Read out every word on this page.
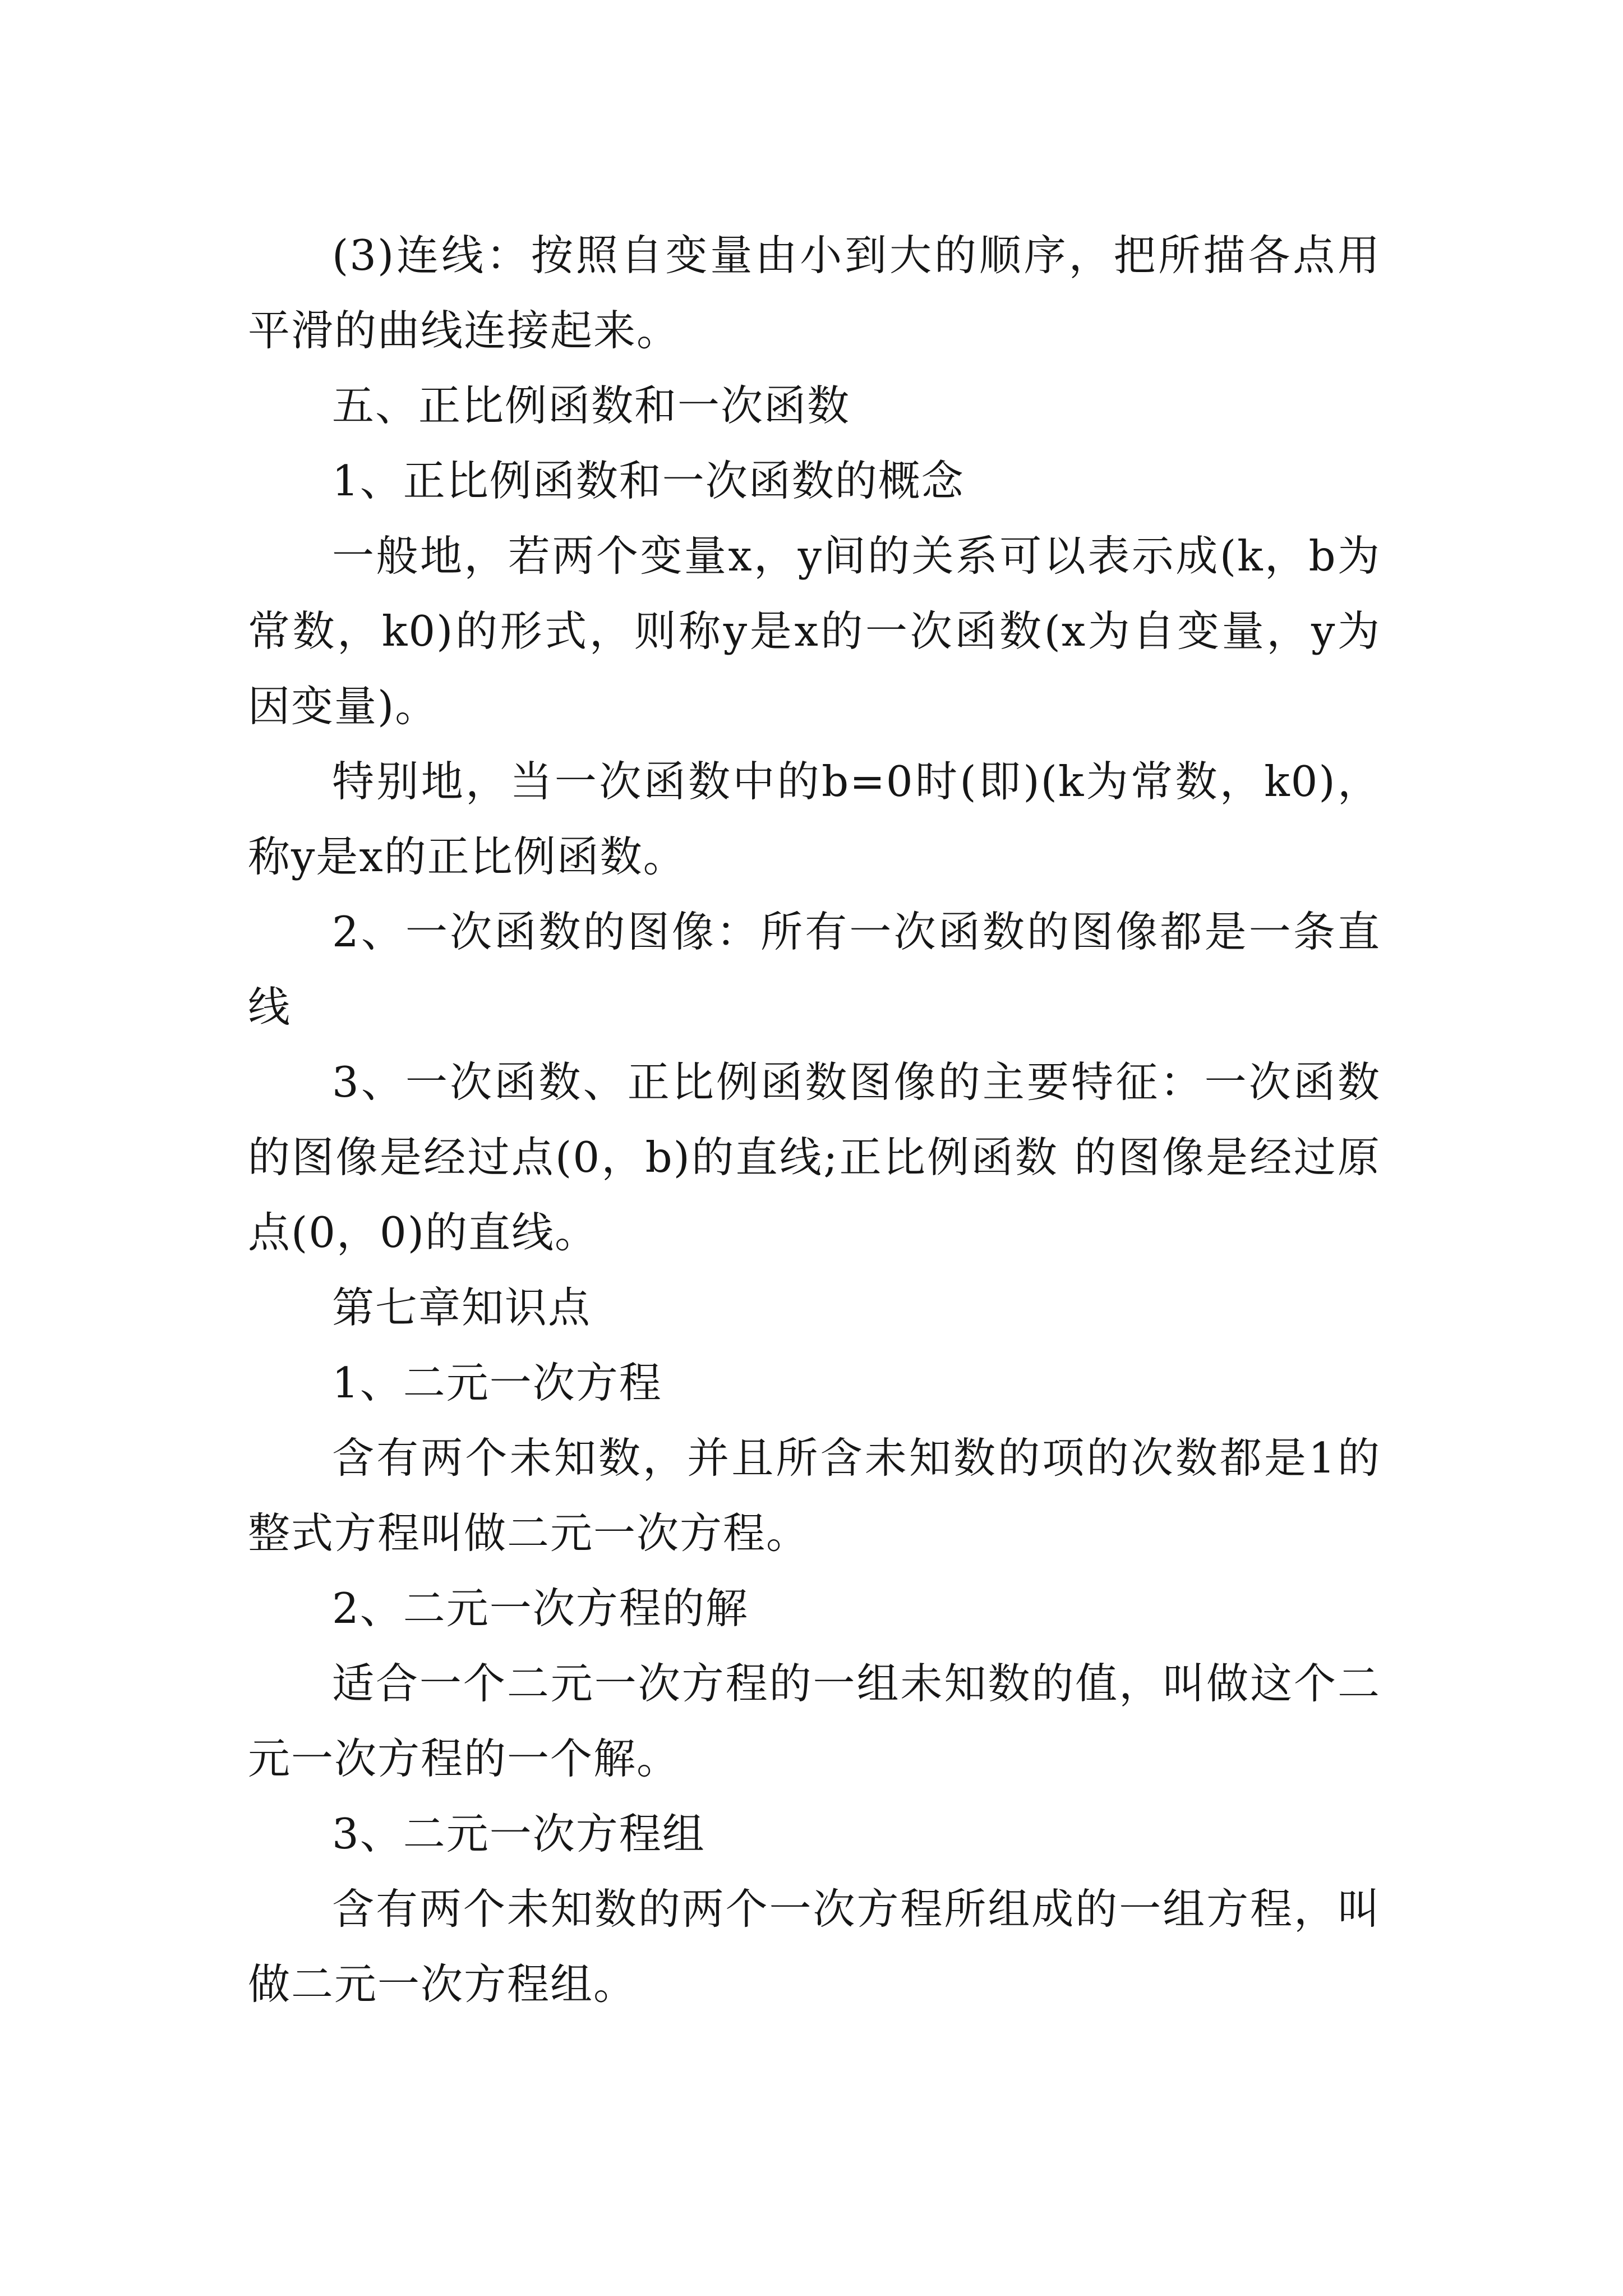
(3)连线：按照自变量由小到大的顺序，把所描各点用平滑的曲线连接起来。

五、正比例函数和一次函数

1、正比例函数和一次函数的概念

一般地，若两个变量x，y间的关系可以表示成(k，b为常数，k0)的形式，则称y是x的一次函数(x为自变量，y为因变量)。

特别地，当一次函数中的b=0时(即)(k为常数，k0)，称y是x的正比例函数。

2、一次函数的图像：所有一次函数的图像都是一条直线

3、一次函数、正比例函数图像的主要特征：一次函数的图像是经过点(0，b)的直线;正比例函数 的图像是经过原点(0，0)的直线。

第七章知识点

1、二元一次方程

含有两个未知数，并且所含未知数的项的次数都是1的整式方程叫做二元一次方程。

2、二元一次方程的解

适合一个二元一次方程的一组未知数的值，叫做这个二元一次方程的一个解。

3、二元一次方程组

含有两个未知数的两个一次方程所组成的一组方程，叫做二元一次方程组。
